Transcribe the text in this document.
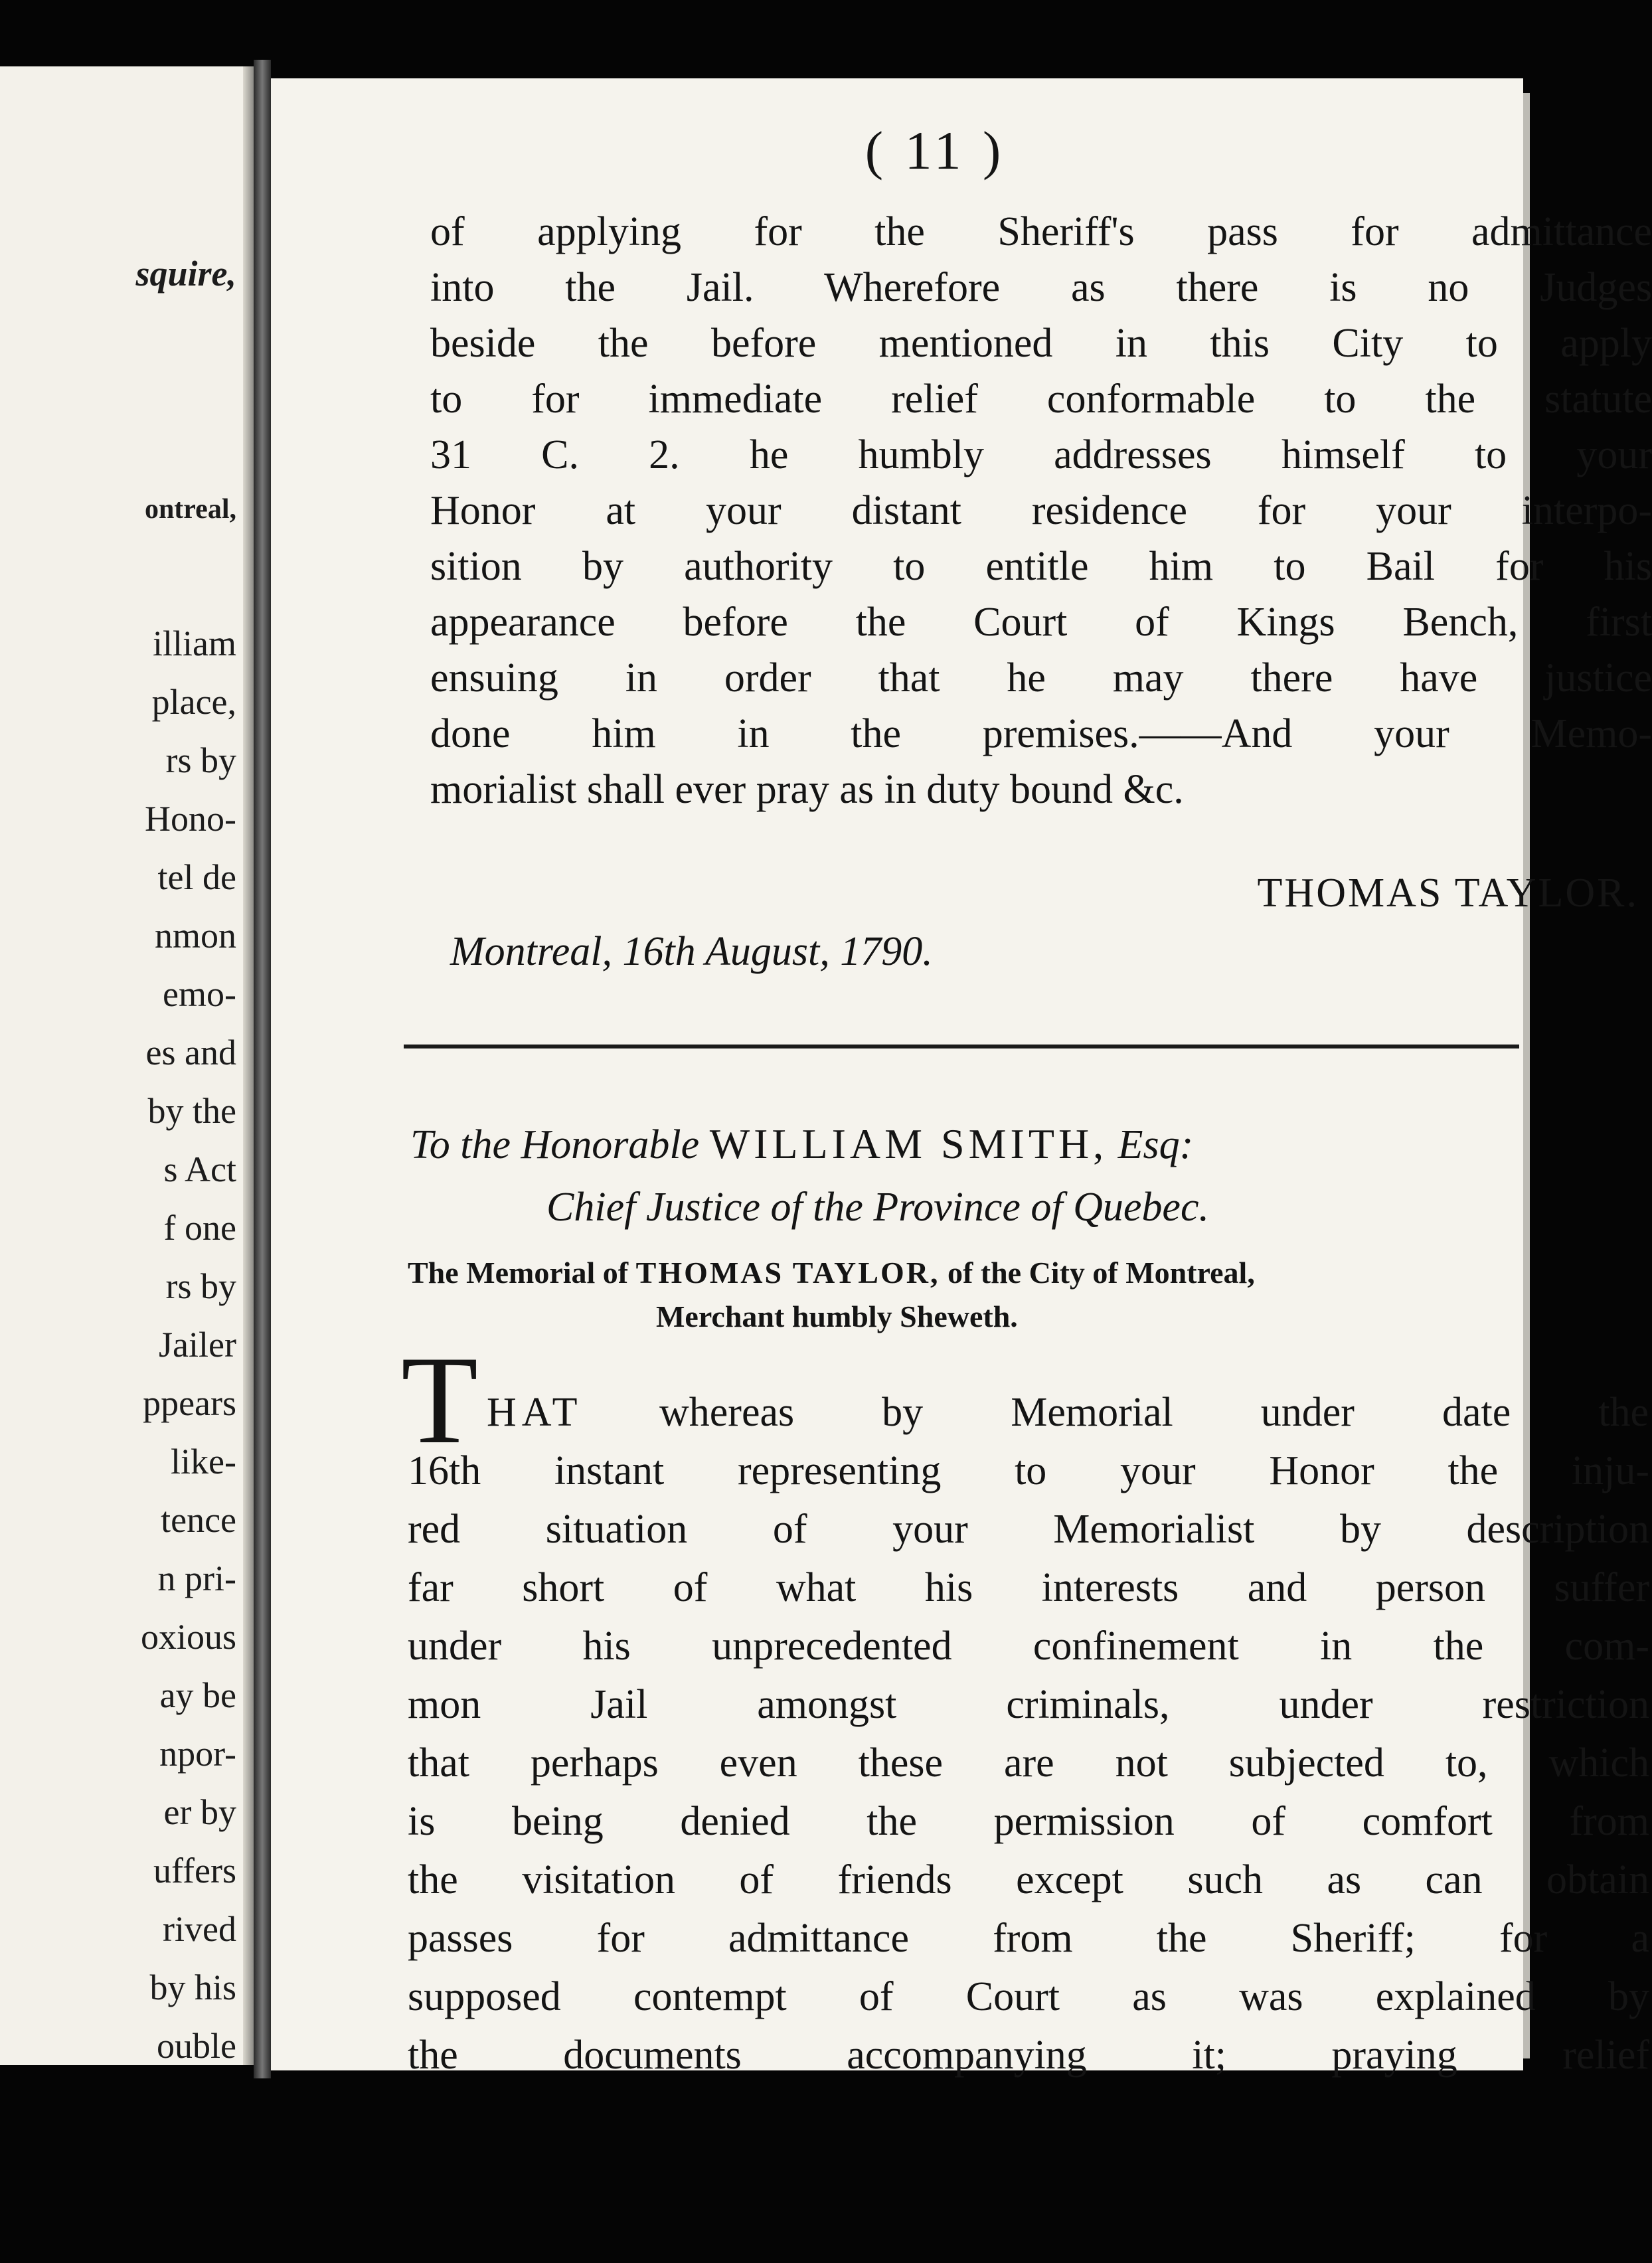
squire,
ontreal,
illiam
place,
rs by
Hono-
tel de
nmon
emo-
es and
by the
s Act
f one
rs by
Jailer
ppears
like-
tence
n pri-
oxious
ay be
npor-
er by
uffers
rived
by his
ouble
( 11 )
of applying for the Sheriff's pass for admittance
into the Jail. Wherefore as there is no Judges
beside the before mentioned in this City to apply
to for immediate relief conformable to the statute
31 C. 2. he humbly addresses himself to your
Honor at your distant residence for your interpo-
sition by authority to entitle him to Bail for his
appearance before the Court of Kings Bench, first
ensuing in order that he may there have justice
done him in the premises.——And your Memo-
morialist shall ever pray as in duty bound &c.
THOMAS TAYLOR.
Montreal, 16th August, 1790.
To the Honorable WILLIAM SMITH, Esq:
Chief Justice of the Province of Quebec.
The Memorial of THOMAS TAYLOR, of the City of Montreal,
Merchant humbly Sheweth.
T HAT whereas by Memorial under date the
16th instant representing to your Honor the inju-
red situation of your Memorialist by description
far short of what his interests and person suffer
under his unprecedented confinement in the com-
mon Jail amongst criminals, under restriction
that perhaps even these are not subjected to, which
is being denied the permission of comfort from
the visitation of friends except such as can obtain
passes for admittance from the Sheriff; for a
supposed contempt of Court as was explained by
the documents accompanying it; praying relief
